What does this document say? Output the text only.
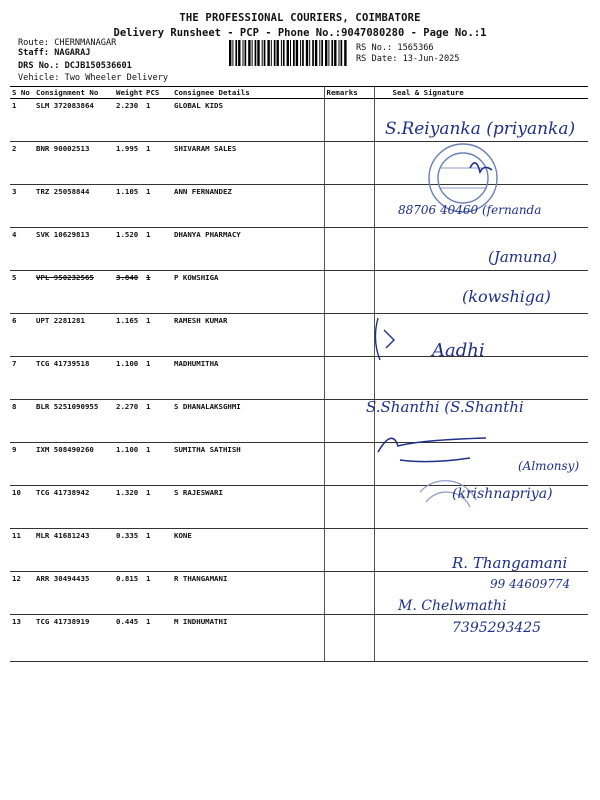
THE PROFESSIONAL COURIERS, COIMBATORE
Delivery Runsheet - PCP - Phone No.:9047080280 - Page No.:1
Route: CHERNMANAGAR
Staff: NAGARAJ
DRS No.: DCJB150536601
Vehicle: Two Wheeler Delivery
RS No.: 1565366
RS Date: 13-Jun-2025
S No	Consignment No	Weight	PCS	Consignee Details	Remarks	Seal & Signature
1	SLM 372083864	2.230	1	GLOBAL KIDS		
2	BNR 90002513	1.995	1	SHIVARAM SALES		
3	TRZ 25058844	1.105	1	ANN FERNANDEZ		
4	SVK 10629813	1.520	1	DHANYA PHARMACY		
5	VPL 950232565	3.840	1	P KOWSHIGA		
6	UPT 2281281	1.165	1	RAMESH KUMAR		
7	TCG 41739518	1.100	1	MADHUMITHA		
8	BLR 5251090955	2.270	1	S DHANALAKSGHMI		
9	IXM 508490260	1.100	1	SUMITHA SATHISH		
10	TCG 41738942	1.320	1	S RAJESWARI		
11	MLR 41681243	0.335	1	KONE		
12	ARR 30494435	0.815	1	R THANGAMANI		
13	TCG 41738919	0.445	1	M INDHUMATHI		
S.Reiyanka (priyanka)
88706 40460 (fernanda
(Jamuna)
(kowshiga)
Aadhi
S.Shanthi (S.Shanthi
(Almonsy)
(krishnapriya)
R. Thangamani
99 44609774
M. Chelwmathi
7395293425
